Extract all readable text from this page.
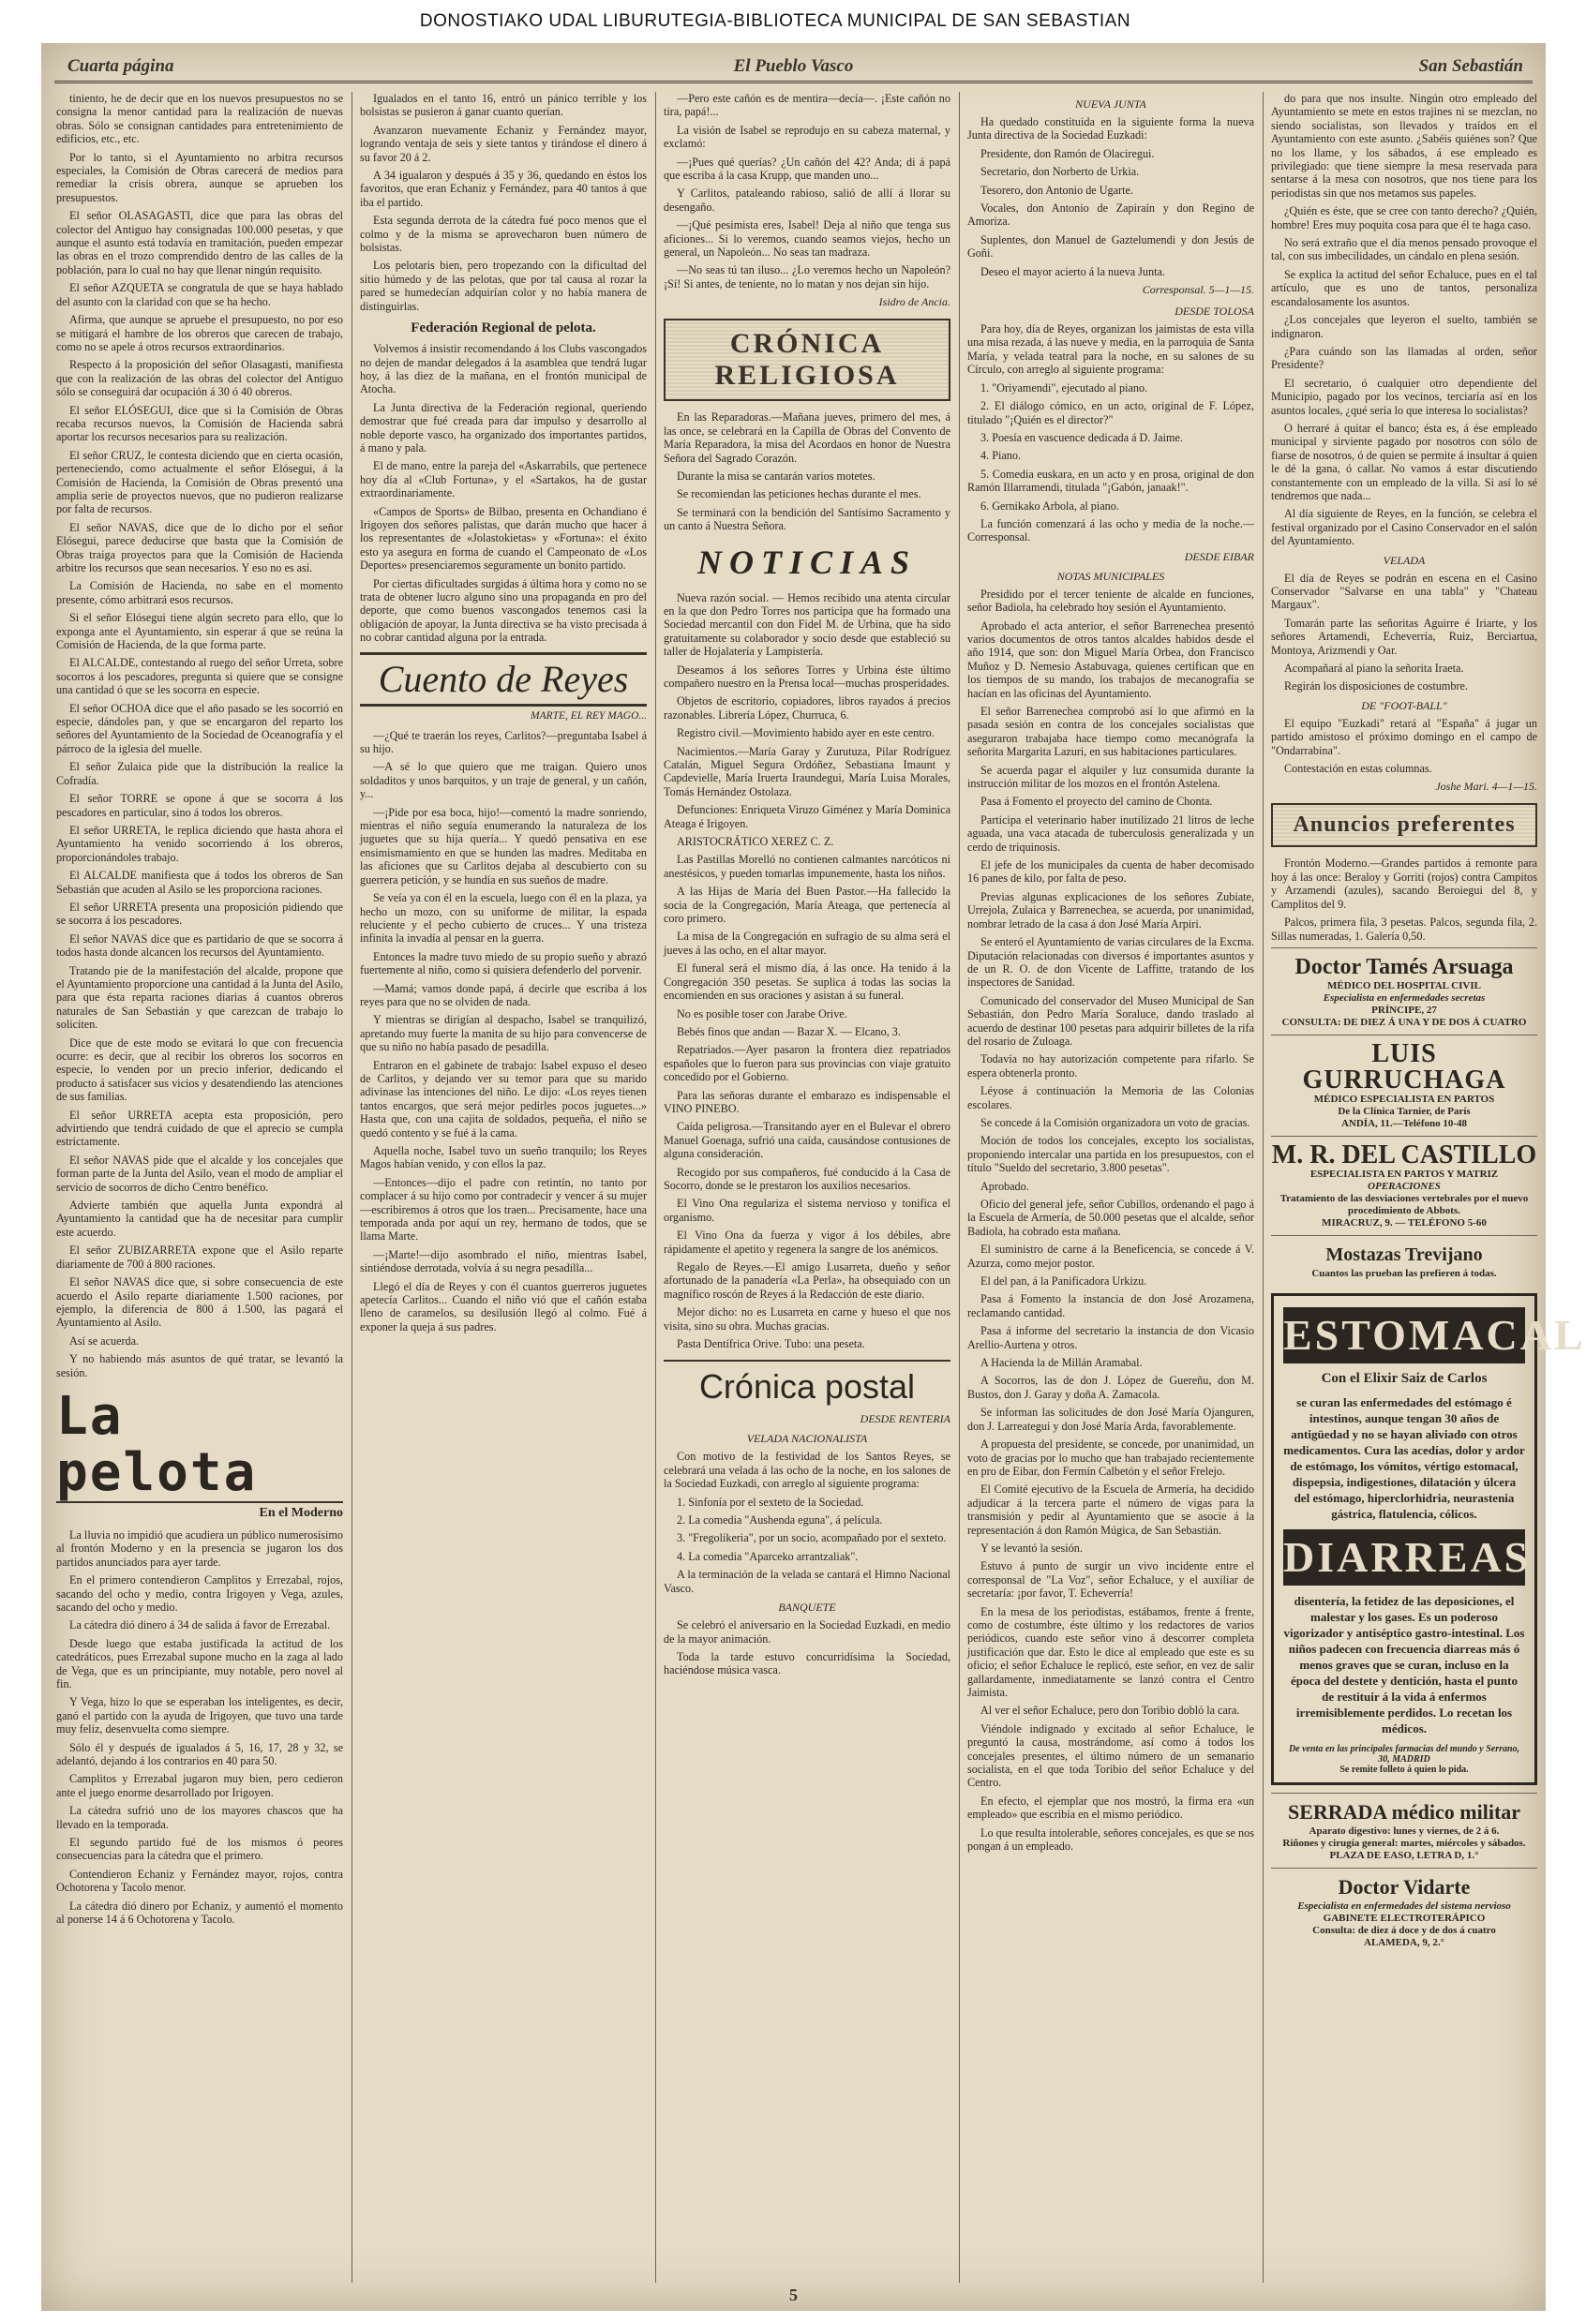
DONOSTIAKO UDAL LIBURUTEGIA-BIBLIOTECA MUNICIPAL DE SAN SEBASTIAN
Cuarta página	El Pueblo Vasco	San Sebastián

tiniento, he de decir que en los nuevos presupuestos no se consigna la menor cantidad para la realización de nuevas obras. Sólo se consignan cantidades para entretenimiento de edificios, etc., etc.

Por lo tanto, si el Ayuntamiento no arbitra recursos especiales, la Comisión de Obras carecerá de medios para remediar la crisis obrera, aunque se aprueben los presupuestos.

El señor OLASAGASTI, dice que para las obras del colector del Antiguo hay consignadas 100.000 pesetas, y que aunque el asunto está todavía en tramitación, pueden empezar las obras en el trozo comprendido dentro de las calles de la población, para lo cual no hay que llenar ningún requisito.

El señor AZQUETA se congratula de que se haya hablado del asunto con la claridad con que se ha hecho.

Afirma, que aunque se apruebe el presupuesto, no por eso se mitigará el hambre de los obreros que carecen de trabajo, como no se apele á otros recursos extraordinarios.

Respecto á la proposición del señor Olasagasti, manifiesta que con la realización de las obras del colector del Antiguo sólo se conseguirá dar ocupación á 30 ó 40 obreros.

El señor ELÓSEGUI, dice que si la Comisión de Obras recaba recursos nuevos, la Comisión de Hacienda sabrá aportar los recursos necesarios para su realización.

El señor CRUZ, le contesta diciendo que en cierta ocasión, perteneciendo, como actualmente el señor Elósegui, á la Comisión de Hacienda, la Comisión de Obras presentó una amplia serie de proyectos nuevos, que no pudieron realizarse por falta de recursos.

El señor NAVAS, dice que de lo dicho por el señor Elósegui, parece deducirse que basta que la Comisión de Obras traiga proyectos para que la Comisión de Hacienda arbitre los recursos que sean necesarios. Y eso no es así.

La Comisión de Hacienda, no sabe en el momento presente, cómo arbitrará esos recursos.

Si el señor Elósegui tiene algún secreto para ello, que lo exponga ante el Ayuntamiento, sin esperar á que se reúna la Comisión de Hacienda, de la que forma parte.

El ALCALDE, contestando al ruego del señor Urreta, sobre socorros á los pescadores, pregunta si quiere que se consigne una cantidad ó que se les socorra en especie.

El señor OCHOA dice que el año pasado se les socorrió en especie, dándoles pan, y que se encargaron del reparto los señores del Ayuntamiento de la Sociedad de Oceanografía y el párroco de la iglesia del muelle.

El señor Zulaica pide que la distribución la realice la Cofradía.

El señor TORRE se opone á que se socorra á los pescadores en particular, sino á todos los obreros.

El señor URRETA, le replica diciendo que hasta ahora el Ayuntamiento ha venido socorriendo á los obreros, proporcionándoles trabajo.

El ALCALDE manifiesta que á todos los obreros de San Sebastián que acuden al Asilo se les proporciona raciones.

El señor URRETA presenta una proposición pidiendo que se socorra á los pescadores.

El señor NAVAS dice que es partidario de que se socorra á todos hasta donde alcancen los recursos del Ayuntamiento.

Tratando pie de la manifestación del alcalde, propone que el Ayuntamiento proporcione una cantidad á la Junta del Asilo, para que ésta reparta raciones diarias á cuantos obreros naturales de San Sebastián y que carezcan de trabajo lo soliciten.

Dice que de este modo se evitará lo que con frecuencia ocurre: es decir, que al recibir los obreros los socorros en especie, lo venden por un precio inferior, dedicando el producto á satisfacer sus vicios y desatendiendo las atenciones de sus familias.

El señor URRETA acepta esta proposición, pero advirtiendo que tendrá cuidado de que el aprecio se cumpla estrictamente.

El señor NAVAS pide que el alcalde y los concejales que forman parte de la Junta del Asilo, vean el modo de ampliar el servicio de socorros de dicho Centro benéfico.

Advierte también que aquella Junta expondrá al Ayuntamiento la cantidad que ha de necesitar para cumplir este acuerdo.

El señor ZUBIZARRETA expone que el Asilo reparte diariamente de 700 á 800 raciones.

El señor NAVAS dice que, si sobre consecuencia de este acuerdo el Asilo reparte diariamente 1.500 raciones, por ejemplo, la diferencia de 800 á 1.500, las pagará el Ayuntamiento al Asilo.

Así se acuerda.

Y no habiendo más asuntos de qué tratar, se levantó la sesión.

La pelota
En el Moderno

La lluvia no impidió que acudiera un público numerosísimo al frontón Moderno y en la presencia se jugaron los dos partidos anunciados para ayer tarde.

En el primero contendieron Camplitos y Errezabal, rojos, sacando del ocho y medio, contra Irigoyen y Vega, azules, sacando del ocho y medio.

La cátedra dió dinero á 34 de salida á favor de Errezabal.

Desde luego que estaba justificada la actitud de los catedráticos, pues Errezabal supone mucho en la zaga al lado de Vega, que es un principiante, muy notable, pero novel al fin.

Y Vega, hizo lo que se esperaban los inteligentes, es decir, ganó el partido con la ayuda de Irigoyen, que tuvo una tarde muy feliz, desenvuelta como siempre.

Sólo él y después de igualados á 5, 16, 17, 28 y 32, se adelantó, dejando á los contrarios en 40 para 50.

Camplitos y Errezabal jugaron muy bien, pero cedieron ante el juego enorme desarrollado por Irigoyen.

La cátedra sufrió uno de los mayores chascos que ha llevado en la temporada.

El segundo partido fué de los mismos ó peores consecuencias para la cátedra que el primero.

Contendieron Echaniz y Fernández mayor, rojos, contra Ochotorena y Tacolo menor.

La cátedra dió dinero por Echaniz, y aumentó el momento al ponerse 14 á 6 Ochotorena y Tacolo.

Igualados en el tanto 16, entró un pánico terrible y los bolsistas se pusieron á ganar cuanto querían.

Avanzaron nuevamente Echaniz y Fernández mayor, logrando ventaja de seis y siete tantos y tirándose el dinero á su favor 20 á 2.

A 34 igualaron y después á 35 y 36, quedando en éstos los favoritos, que eran Echaniz y Fernández, para 40 tantos á que iba el partido.

Esta segunda derrota de la cátedra fué poco menos que el colmo y de la misma se aprovecharon buen número de bolsistas.

Los pelotaris bien, pero tropezando con la dificultad del sitio húmedo y de las pelotas, que por tal causa al rozar la pared se humedecían adquirían color y no había manera de distinguirlas.

Federación Regional de pelota.

Volvemos á insistir recomendando á los Clubs vascongados no dejen de mandar delegados á la asamblea que tendrá lugar hoy, á las diez de la mañana, en el frontón municipal de Atocha.

La Junta directiva de la Federación regional, queriendo demostrar que fué creada para dar impulso y desarrollo al noble deporte vasco, ha organizado dos importantes partidos, á mano y pala.

El de mano, entre la pareja del «Askarrabils, que pertenece hoy día al «Club Fortuna», y el «Sartakos, ha de gustar extraordinariamente.

«Campos de Sports» de Bilbao, presenta en Ochandiano é Irigoyen dos señores palistas, que darán mucho que hacer á los representantes de «Jolastokietas» y «Fortuna»: el éxito esto ya asegura en forma de cuando el Campeonato de «Los Deportes» presenciaremos seguramente un bonito partido.

Por ciertas dificultades surgidas á última hora y como no se trata de obtener lucro alguno sino una propaganda en pro del deporte, que como buenos vascongados tenemos casi la obligación de apoyar, la Junta directiva se ha visto precisada á no cobrar cantidad alguna por la entrada.

Cuento de Reyes
MARTE, EL REY MAGO...

—¿Qué te traerán los reyes, Carlitos?—preguntaba Isabel á su hijo.

—A sé lo que quiero que me traigan. Quiero unos soldaditos y unos barquitos, y un traje de general, y un cañón, y...

—¡Pide por esa boca, hijo!—comentó la madre sonriendo, mientras el niño seguía enumerando la naturaleza de los juguetes que su hija quería... Y quedó pensativa en ese ensimismamiento en que se hunden las madres. Meditaba en las aficiones que su Carlitos dejaba al descubierto con su guerrera peticíón, y se hundía en sus sueños de madre.

Se veía ya con él en la escuela, luego con él en la plaza, ya hecho un mozo, con su uniforme de militar, la espada reluciente y el pecho cubierto de cruces... Y una tristeza infinita la invadía al pensar en la guerra.

Entonces la madre tuvo miedo de su propio sueño y abrazó fuertemente al niño, como si quisiera defenderlo del porvenir.

—Mamá; vamos donde papá, á decirle que escriba á los reyes para que no se olviden de nada.

Y mientras se dirigían al despacho, Isabel se tranquilizó, apretando muy fuerte la manita de su hijo para convencerse de que su niño no había pasado de pesadilla.

Entraron en el gabinete de trabajo: Isabel expuso el deseo de Carlitos, y dejando ver su temor para que su marido adivinase las intenciones del niño. Le dijo: «Los reyes tienen tantos encargos, que será mejor pedirles pocos juguetes...» Hasta que, con una cajita de soldados, pequeña, el niño se quedó contento y se fué á la cama.

Aquella noche, Isabel tuvo un sueño tranquilo; los Reyes Magos habían venido, y con ellos la paz.

—Entonces—dijo el padre con retintín, no tanto por complacer á su hijo como por contradecir y vencer á su mujer—escribiremos á otros que los traen... Precisamente, hace una temporada anda por aquí un rey, hermano de todos, que se llama Marte.

—¡Marte!—dijo asombrado el niño, mientras Isabel, sintiéndose derrotada, volvía á su negra pesadilla...

Llegó el día de Reyes y con él cuantos guerreros juguetes apetecía Carlitos... Cuando el niño vió que el cañón estaba lleno de caramelos, su desilusión llegó al colmo. Fué á exponer la queja á sus padres.

—Pero este cañón es de mentira—decía—. ¡Este cañón no tira, papá!...

La visión de Isabel se reprodujo en su cabeza maternal, y exclamó:

—¡Pues qué querías? ¿Un cañón del 42? Anda; di á papá que escriba á la casa Krupp, que manden uno...

Y Carlitos, pataleando rabioso, salió de allí á llorar su desengaño.

—¡Qué pesimista eres, Isabel! Deja al niño que tenga sus aficiones... Si lo veremos, cuando seamos viejos, hecho un general, un Napoleón... No seas tan madraza.

—No seas tú tan iluso... ¿Lo veremos hecho un Napoleón? ¡Sí! Si antes, de teniente, no lo matan y nos dejan sin hijo.

Isidro de Ancia.
CRÓNICA RELIGIOSA

En las Reparadoras.—Mañana jueves, primero del mes, á las once, se celebrará en la Capilla de Obras del Convento de María Reparadora, la misa del Acordaos en honor de Nuestra Señora del Sagrado Corazón.

Durante la misa se cantarán varios motetes.

Se recomiendan las peticiones hechas durante el mes.

Se terminará con la bendición del Santísimo Sacramento y un canto á Nuestra Señora.

NOTICIAS

Nueva razón social. — Hemos recibido una atenta circular en la que don Pedro Torres nos participa que ha formado una Sociedad mercantil con don Fidel M. de Urbina, que ha sido gratuitamente su colaborador y socio desde que estableció su taller de Hojalatería y Lampistería.

Deseamos á los señores Torres y Urbina éste último compañero nuestro en la Prensa local—muchas prosperidades.

Objetos de escritorio, copiadores, libros rayados á precios razonables. Librería López, Churruca, 6.

Registro civil.—Movimiento habido ayer en este centro.

Nacimientos.—María Garay y Zurutuza, Pilar Rodríguez Catalán, Miguel Segura Ordóñez, Sebastiana Imaunt y Capdevielle, María Iruerta Iraundegui, María Luisa Morales, Tomás Hernández Ostolaza.

Defunciones: Enriqueta Viruzo Giménez y María Dominica Ateaga é Irigoyen.

ARISTOCRÁTICO XEREZ C. Z.

Las Pastillas Morelló no contienen calmantes narcóticos ni anestésicos, y pueden tomarlas impunemente, hasta los niños.

A las Hijas de María del Buen Pastor.—Ha fallecido la socia de la Congregación, María Ateaga, que pertenecía al coro primero.

La misa de la Congregación en sufragio de su alma será el jueves á las ocho, en el altar mayor.

El funeral será el mismo día, á las once. Ha tenido á la Congregación 350 pesetas. Se suplica á todas las socias la encomienden en sus oraciones y asistan á su funeral.

No es posible toser con Jarabe Orive.

Bebés finos que andan — Bazar X. — Elcano, 3.

Repatriados.—Ayer pasaron la frontera diez repatriados españoles que lo fueron para sus provincias con viaje gratuito concedido por el Gobierno.

Para las señoras durante el embarazo es indispensable el VINO PINEBO.

Caída peligrosa.—Transitando ayer en el Bulevar el obrero Manuel Goenaga, sufrió una caída, causándose contusiones de alguna consideración.

Recogido por sus compañeros, fué conducido á la Casa de Socorro, donde se le prestaron los auxilios necesarios.

El Vino Ona regulariza el sistema nervioso y tonifica el organismo.

El Vino Ona da fuerza y vigor á los débiles, abre rápidamente el apetito y regenera la sangre de los anémicos.

Regalo de Reyes.—El amigo Lusarreta, dueño y señor afortunado de la panadería «La Perla», ha obsequiado con un magnífico roscón de Reyes á la Redacción de este diario.

Mejor dicho: no es Lusarreta en carne y hueso el que nos visita, sino su obra. Muchas gracias.

Pasta Dentífrica Orive. Tubo: una peseta.

Crónica postal
DESDE RENTERIA
VELADA NACIONALISTA

Con motivo de la festividad de los Santos Reyes, se celebrará una velada á las ocho de la noche, en los salones de la Sociedad Euzkadi, con arreglo al siguiente programa:

1. Sinfonía por el sexteto de la Sociedad.

2. La comedia "Aushenda eguna", á película.

3. "Fregolikeria", por un socio, acompañado por el sexteto.

4. La comedia "Aparceko arrantzaliak".

A la terminación de la velada se cantará el Himno Nacional Vasco.

BANQUETE

Se celebró el aniversario en la Sociedad Euzkadi, en medio de la mayor animación.

Toda la tarde estuvo concurridísima la Sociedad, haciéndose música vasca.

NUEVA JUNTA

Ha quedado constituida en la siguiente forma la nueva Junta directiva de la Sociedad Euzkadi:

Presidente, don Ramón de Olaciregui.

Secretario, don Norberto de Urkia.

Tesorero, don Antonio de Ugarte.

Vocales, don Antonio de Zapiraín y don Regino de Amoriza.

Suplentes, don Manuel de Gaztelumendi y don Jesús de Goñi.

Deseo el mayor acierto á la nueva Junta.

Corresponsal. 5—1—15.
DESDE TOLOSA

Para hoy, día de Reyes, organizan los jaimistas de esta villa una misa rezada, á las nueve y media, en la parroquia de Santa María, y velada teatral para la noche, en su salones de su Círculo, con arreglo al siguiente programa:

1. "Oriyamendi", ejecutado al piano.

2. El diálogo cómico, en un acto, original de F. López, titulado "¡Quién es el director?"

3. Poesía en vascuence dedicada á D. Jaime.

4. Piano.

5. Comedia euskara, en un acto y en prosa, original de don Ramón Illarramendi, titulada "¡Gabón, janaak!".

6. Gernikako Arbola, al piano.

La función comenzará á las ocho y media de la noche.—Corresponsal.

DESDE EIBAR
NOTAS MUNICIPALES

Presidido por el tercer teniente de alcalde en funciones, señor Badiola, ha celebrado hoy sesión el Ayuntamiento.

Aprobado el acta anterior, el señor Barrenechea presentó varios documentos de otros tantos alcaldes habidos desde el año 1914, que son: don Miguel María Orbea, don Francisco Muñoz y D. Nemesio Astabuvaga, quienes certifican que en los tiempos de su mando, los trabajos de mecanografía se hacían en las oficinas del Ayuntamiento.

El señor Barrenechea comprobó así lo que afirmó en la pasada sesión en contra de los concejales socialistas que aseguraron trabajaba hace tiempo como mecanógrafa la señorita Margarita Lazuri, en sus habitaciones particulares.

Se acuerda pagar el alquiler y luz consumida durante la instrucción militar de los mozos en el frontón Astelena.

Pasa á Fomento el proyecto del camino de Chonta.

Participa el veterinario haber inutilizado 21 litros de leche aguada, una vaca atacada de tuberculosis generalizada y un cerdo de triquinosis.

El jefe de los municipales da cuenta de haber decomisado 16 panes de kilo, por falta de peso.

Previas algunas explicaciones de los señores Zubiate, Urrejola, Zulaica y Barrenechea, se acuerda, por unanimidad, nombrar letrado de la casa á don José María Arpiri.

Se enteró el Ayuntamiento de varias circulares de la Excma. Diputación relacionadas con diversos é importantes asuntos y de un R. O. de don Vicente de Laffitte, tratando de los inspectores de Sanidad.

Comunicado del conservador del Museo Municipal de San Sebastián, don Pedro María Soraluce, dando traslado al acuerdo de destinar 100 pesetas para adquirir billetes de la rifa del rosario de Zuloaga.

Todavía no hay autorización competente para rifarlo. Se espera obtenerla pronto.

Léyose á continuación la Memoria de las Colonias escolares.

Se concede á la Comisión organizadora un voto de gracias.

Moción de todos los concejales, excepto los socialistas, proponiendo intercalar una partida en los presupuestos, con el título "Sueldo del secretario, 3.800 pesetas".

Aprobado.

Oficio del general jefe, señor Cubillos, ordenando el pago á la Escuela de Armería, de 50.000 pesetas que el alcalde, señor Badiola, ha cobrado esta mañana.

El suministro de carne á la Beneficencia, se concede á V. Azurza, como mejor postor.

El del pan, á la Panificadora Urkizu.

Pasa á Fomento la instancia de don José Arozamena, reclamando cantidad.

Pasa á informe del secretario la instancia de don Vicasio Arellio-Aurtena y otros.

A Hacienda la de Millán Aramabal.

A Socorros, las de don J. López de Guereñu, don M. Bustos, don J. Garay y doña A. Zamacola.

Se informan las solicitudes de don José María Ojanguren, don J. Larreategui y don José María Arda, favorablemente.

A propuesta del presidente, se concede, por unanimidad, un voto de gracias por lo mucho que han trabajado recientemente en pro de Eibar, don Fermín Calbetón y el señor Frelejo.

El Comité ejecutivo de la Escuela de Armería, ha decidido adjudicar á la tercera parte el número de vigas para la transmisión y pedir al Ayuntamiento que se asocie á la representación á don Ramón Múgica, de San Sebastián.

Y se levantó la sesión.

Estuvo á punto de surgir un vivo incidente entre el corresponsal de "La Voz", señor Echaluce, y el auxiliar de secretaría: ¡por favor, T. Echeverría!

En la mesa de los periodistas, estábamos, frente á frente, como de costumbre, éste último y los redactores de varios periódicos, cuando este señor vino á descorrer completa justificación que dar. Esto le dice al empleado que este es su oficio; el señor Echaluce le replicó, este señor, en vez de salir gallardamente, inmediatamente se lanzó contra el Centro Jaimista.

Al ver el señor Echaluce, pero don Toribio dobló la cara.

Viéndole indignado y excitado al señor Echaluce, le preguntó la causa, mostrándome, así como á todos los concejales presentes, el último número de un semanario socialista, en el que toda Toribio del señor Echaluce y del Centro.

En efecto, el ejemplar que nos mostró, la firma era «un empleado» que escribía en el mismo periódico.

Lo que resulta intolerable, señores concejales, es que se nos pongan á un empleado.

do para que nos insulte. Ningún otro empleado del Ayuntamiento se mete en estos trajines ni se mezclan, no siendo socialistas, son llevados y traídos en el Ayuntamiento con este asunto. ¿Sabéis quiénes son? Que no los llame, y los sábados, á ese empleado es privilegiado: que tiene siempre la mesa reservada para sentarse á la mesa con nosotros, que nos tiene para los periodistas sin que nos metamos sus papeles.

¿Quién es éste, que se cree con tanto derecho? ¿Quién, hombre! Eres muy poquita cosa para que él te haga caso.

No será extraño que el día menos pensado provoque el tal, con sus imbecilidades, un cándalo en plena sesión.

Se explica la actitud del señor Echaluce, pues en el tal artículo, que es uno de tantos, personaliza escandalosamente los asuntos.

¿Los concejales que leyeron el suelto, también se indignaron.

¿Para cuándo son las llamadas al orden, señor Presidente?

El secretario, ó cualquier otro dependiente del Municipio, pagado por los vecinos, terciaría así en los asuntos locales, ¿qué sería lo que interesa lo socialistas?

O herraré á quitar el banco; ésta es, á ése empleado municipal y sirviente pagado por nosotros con sólo de fiarse de nosotros, ó de quien se permite á insultar á quien le dé la gana, ó callar. No vamos á estar discutiendo constantemente con un empleado de la villa. Si así lo sé tendremos que nada...

Al día siguiente de Reyes, en la función, se celebra el festival organizado por el Casino Conservador en el salón del Ayuntamiento.

VELADA

El día de Reyes se podrán en escena en el Casino Conservador "Salvarse en una tabla" y "Chateau Margaux".

Tomarán parte las señoritas Aguirre é Iriarte, y los señores Artamendi, Echeverría, Ruiz, Berciartua, Montoya, Arizmendi y Oar.

Acompañará al piano la señorita Iraeta.

Regirán los disposiciones de costumbre.

DE "FOOT-BALL"

El equipo "Euzkadi" retará al "España" á jugar un partido amistoso el próximo domingo en el campo de "Ondarrabina".

Contestación en estas columnas.

Joshe Mari. 4—1—15.
Anuncios preferentes

Frontón Moderno.—Grandes partidos á remonte para hoy á las once: Beraloy y Gorriti (rojos) contra Campitos y Arzamendi (azules), sacando Beroiegui del 8, y Camplitos del 9.

Palcos, primera fila, 3 pesetas. Palcos, segunda fila, 2. Sillas numeradas, 1. Galería 0,50.

Doctor Tamés Arsuaga
MÉDICO DEL HOSPITAL CIVIL
Especialista en enfermedades secretas
PRÍNCIPE, 27
CONSULTA: DE DIEZ Á UNA Y DE DOS Á CUATRO
LUIS GURRUCHAGA
MÉDICO ESPECIALISTA EN PARTOS
De la Clínica Tarnier, de París
ANDÍA, 11.—Teléfono 10-48
M. R. DEL CASTILLO
ESPECIALISTA EN PARTOS Y MATRIZ
OPERACIONES
Tratamiento de las desviaciones vertebrales por el nuevo procedimiento de Abbots.
MIRACRUZ, 9. — TELÉFONO 5-60
Mostazas Trevijano
Cuantos las prueban las prefieren á todas.
ESTOMACAL
Con el Elixir Saiz de Carlos
se curan las enfermedades del estómago é intestinos, aunque tengan 30 años de antigüedad y no se hayan aliviado con otros medicamentos. Cura las acedías, dolor y ardor de estómago, los vómitos, vértigo estomacal, dispepsia, indigestiones, dilatación y úlcera del estómago, hiperclorhidria, neurastenia gástrica, flatulencia, cólicos.
DIARREAS
disentería, la fetidez de las deposiciones, el malestar y los gases. Es un poderoso vigorizador y antiséptico gastro-intestinal. Los niños padecen con frecuencia diarreas más ó menos graves que se curan, incluso en la época del destete y dentición, hasta el punto de restituir á la vida á enfermos irremisiblemente perdidos. Lo recetan los médicos.
De venta en las principales farmacias del mundo y Serrano, 30, MADRID
Se remite folleto á quien lo pida.
SERRADA médico militar
Aparato digestivo: lunes y viernes, de 2 á 6.
Riñones y cirugía general: martes, miércoles y sábados.
PLAZA DE EASO, LETRA D, 1.°
Doctor Vidarte
Especialista en enfermedades del sistema nervioso
GABINETE ELECTROTERÁPICO
Consulta: de diez á doce y de dos á cuatro
ALAMEDA, 9, 2.°
5
